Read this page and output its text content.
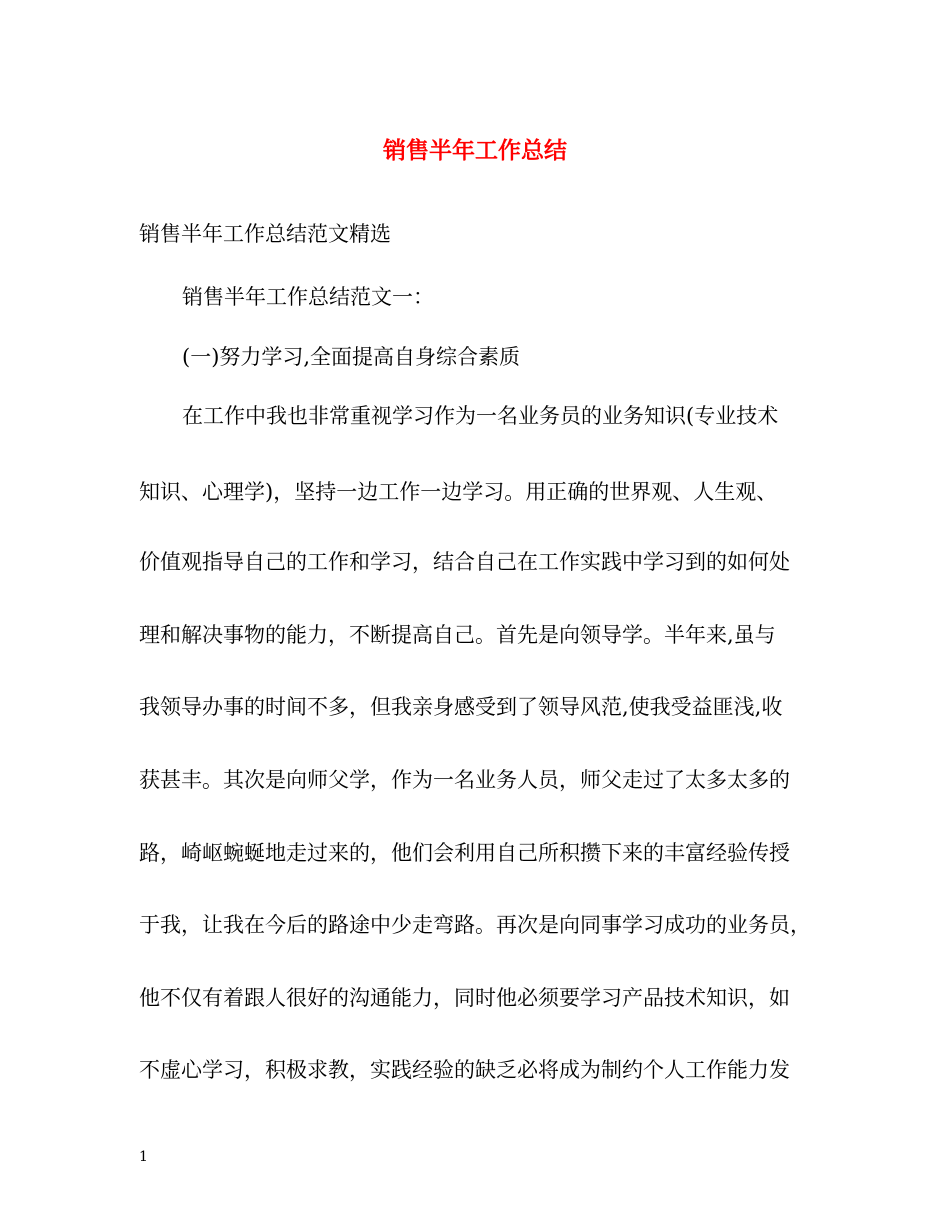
销售半年工作总结

销售半年工作总结范文精选

销售半年工作总结范文一：

(一)努力学习,全面提高自身综合素质

在工作中我也非常重视学习作为一名业务员的业务知识(专业技术

知识、心理学)，坚持一边工作一边学习。用正确的世界观、人生观、

价值观指导自己的工作和学习，结合自己在工作实践中学习到的如何处

理和解决事物的能力，不断提高自己。首先是向领导学。半年来,虽与

我领导办事的时间不多，但我亲身感受到了领导风范,使我受益匪浅,收

获甚丰。其次是向师父学，作为一名业务人员，师父走过了太多太多的

路，崎岖蜿蜒地走过来的，他们会利用自己所积攒下来的丰富经验传授

于我，让我在今后的路途中少走弯路。再次是向同事学习成功的业务员，

他不仅有着跟人很好的沟通能力，同时他必须要学习产品技术知识，如

不虚心学习，积极求教，实践经验的缺乏必将成为制约个人工作能力发

1
